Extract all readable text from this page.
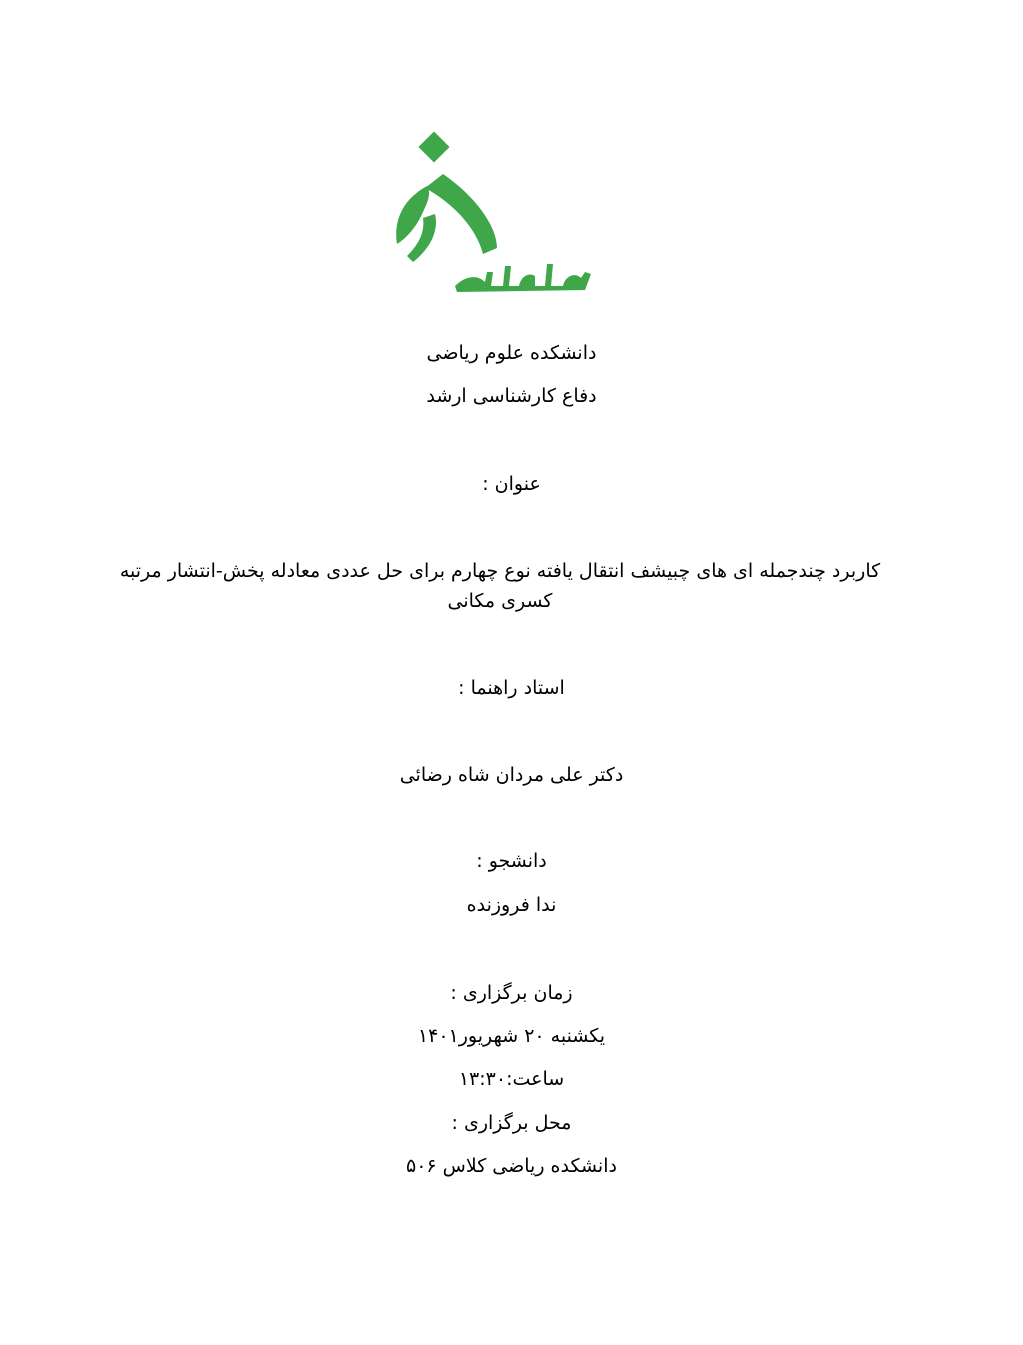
دانشگاه الزهرا
دانشکده علوم ریاضی
دفاع کارشناسی ارشد
عنوان :
کاربرد چندجمله ای های چبیشف انتقال یافته نوع چهارم برای حل عددی معادله پخش-انتشار مرتبه کسری مکانی
استاد راهنما :
دکتر علی مردان شاه رضائی
دانشجو :
ندا فروزنده
زمان برگزاری :
یکشنبه ۲۰ شهریور۱۴۰۱
ساعت:۱۳:۳۰
محل برگزاری :
دانشکده ریاضی کلاس ۵۰۶
